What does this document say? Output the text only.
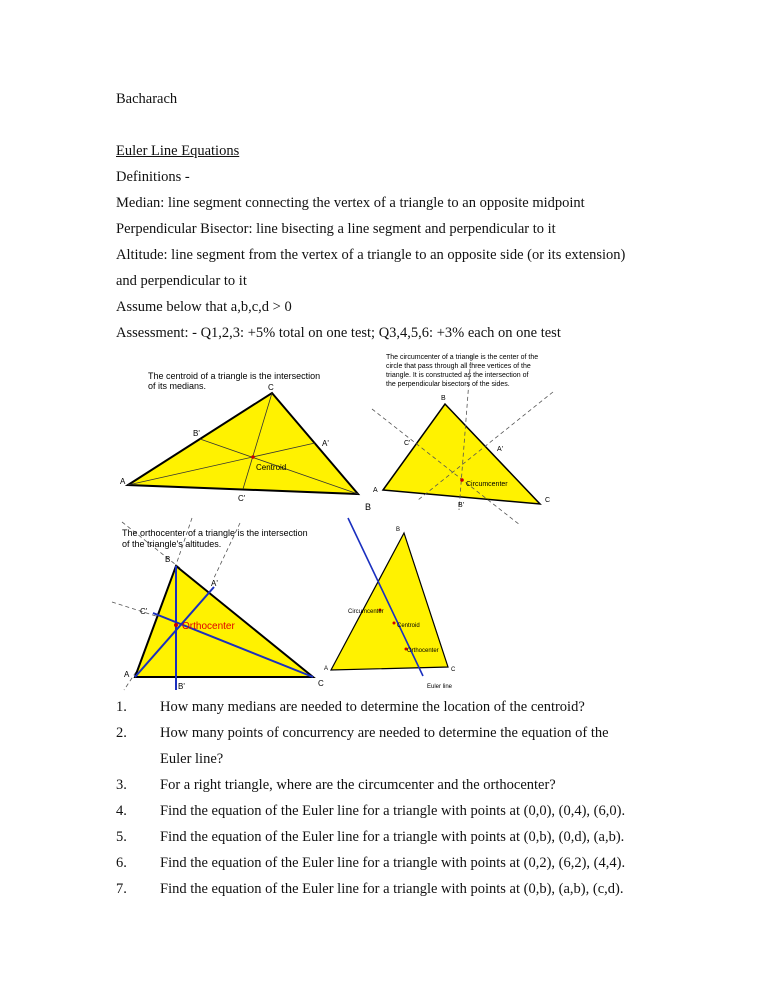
Bacharach
Euler Line Equations
Definitions -
Median: line segment connecting the vertex of a triangle to an opposite midpoint
Perpendicular Bisector: line bisecting a line segment and perpendicular to it
Altitude: line segment from the vertex of a triangle to an opposite side (or its extension)
and perpendicular to it
Assume below that a,b,c,d > 0
Assessment: - Q1,2,3: +5% total on one test; Q3,4,5,6: +3% each on one test
The centroid of a triangle is the intersection
of its medians.	C
B'
A'
A
C'
Centroid
The circumcenter of a triangle is the center of the
circle that pass through all three vertices of the
triangle. It is constructed as the intersection of
the perpendicular bisectors of the sides.
B
C'
A'
A
B'
C
Circumcenter
B
The orthocenter of a triangle is the intersection
of the triangle's altitudes.
B
A'
C'
A
B'	C
Orthocenter
B
Circumcenter
Centroid
Orthocenter
A	C
Euler line
1. How many medians are needed to determine the location of the centroid?
2. How many points of concurrency are needed to determine the equation of the
Euler line?
3. For a right triangle, where are the circumcenter and the orthocenter?
4. Find the equation of the Euler line for a triangle with points at (0,0), (0,4), (6,0).
5. Find the equation of the Euler line for a triangle with points at (0,b), (0,d), (a,b).
6. Find the equation of the Euler line for a triangle with points at (0,2), (6,2), (4,4).
7. Find the equation of the Euler line for a triangle with points at (0,b), (a,b), (c,d).
